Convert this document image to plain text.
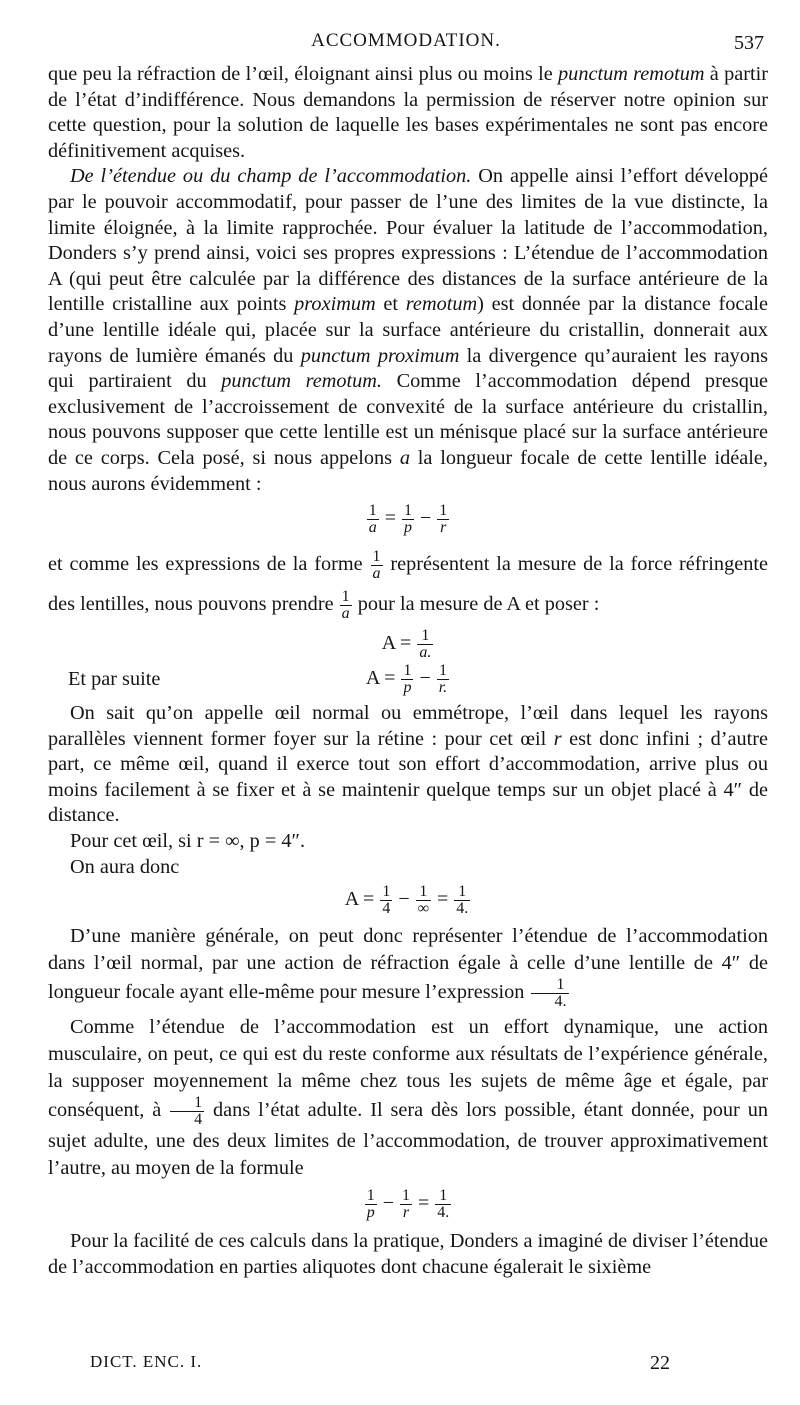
ACCOMMODATION.	537

que peu la réfraction de l’œil, éloignant ainsi plus ou moins le punctum remotum à partir de l’état d’indifférence. Nous demandons la permission de réserver notre opinion sur cette question, pour la solution de laquelle les bases expérimentales ne sont pas encore définitivement acquises.

De l’étendue ou du champ de l’accommodation. On appelle ainsi l’effort développé par le pouvoir accommodatif, pour passer de l’une des limites de la vue distincte, la limite éloignée, à la limite rapprochée. Pour évaluer la latitude de l’accommodation, Donders s’y prend ainsi, voici ses propres expressions : L’étendue de l’accommodation A (qui peut être calculée par la différence des distances de la surface antérieure de la lentille cristalline aux points proximum et remotum) est donnée par la distance focale d’une lentille idéale qui, placée sur la surface antérieure du cristallin, donnerait aux rayons de lumière émanés du punctum proximum la divergence qu’auraient les rayons qui partiraient du punctum remotum. Comme l’accommodation dépend presque exclusivement de l’accroissement de convexité de la surface antérieure du cristallin, nous pouvons supposer que cette lentille est un ménisque placé sur la surface antérieure de ce corps. Cela posé, si nous appelons a la longueur focale de cette lentille idéale, nous aurons évidemment :

$\frac{1}{a} = \frac{1}{p} - \frac{1}{r}$

et comme les expressions de la forme $\frac{1}{a}$ représentent la mesure de la force réfringente des lentilles, nous pouvons prendre $\frac{1}{a}$ pour la mesure de A et poser :

$A = \frac{1}{a.}$
Et par suite	$A = \frac{1}{p} - \frac{1}{r.}$

On sait qu’on appelle œil normal ou emmétrope, l’œil dans lequel les rayons parallèles viennent former foyer sur la rétine : pour cet œil r est donc infini ; d’autre part, ce même œil, quand il exerce tout son effort d’accommodation, arrive plus ou moins facilement à se fixer et à se maintenir quelque temps sur un objet placé à 4″ de distance.

Pour cet œil, si r = ∞, p = 4″.

On aura donc

$A = \frac{1}{4} - \frac{1}{\infty} = \frac{1}{4.}$

D’une manière générale, on peut donc représenter l’étendue de l’accommodation dans l’œil normal, par une action de réfraction égale à celle d’une lentille de 4″ de longueur focale ayant elle-même pour mesure l’expression $\frac{1}{4.}$

Comme l’étendue de l’accommodation est un effort dynamique, une action musculaire, on peut, ce qui est du reste conforme aux résultats de l’expérience générale, la supposer moyennement la même chez tous les sujets de même âge et égale, par conséquent, à $\frac{1}{4}$ dans l’état adulte. Il sera dès lors possible, étant donnée, pour un sujet adulte, une des deux limites de l’accommodation, de trouver approximativement l’autre, au moyen de la formule

$\frac{1}{p} - \frac{1}{r} = \frac{1}{4.}$

Pour la facilité de ces calculs dans la pratique, Donders a imaginé de diviser l’étendue de l’accommodation en parties aliquotes dont chacune égalerait le sixième

DICT. ENC. I.	22
